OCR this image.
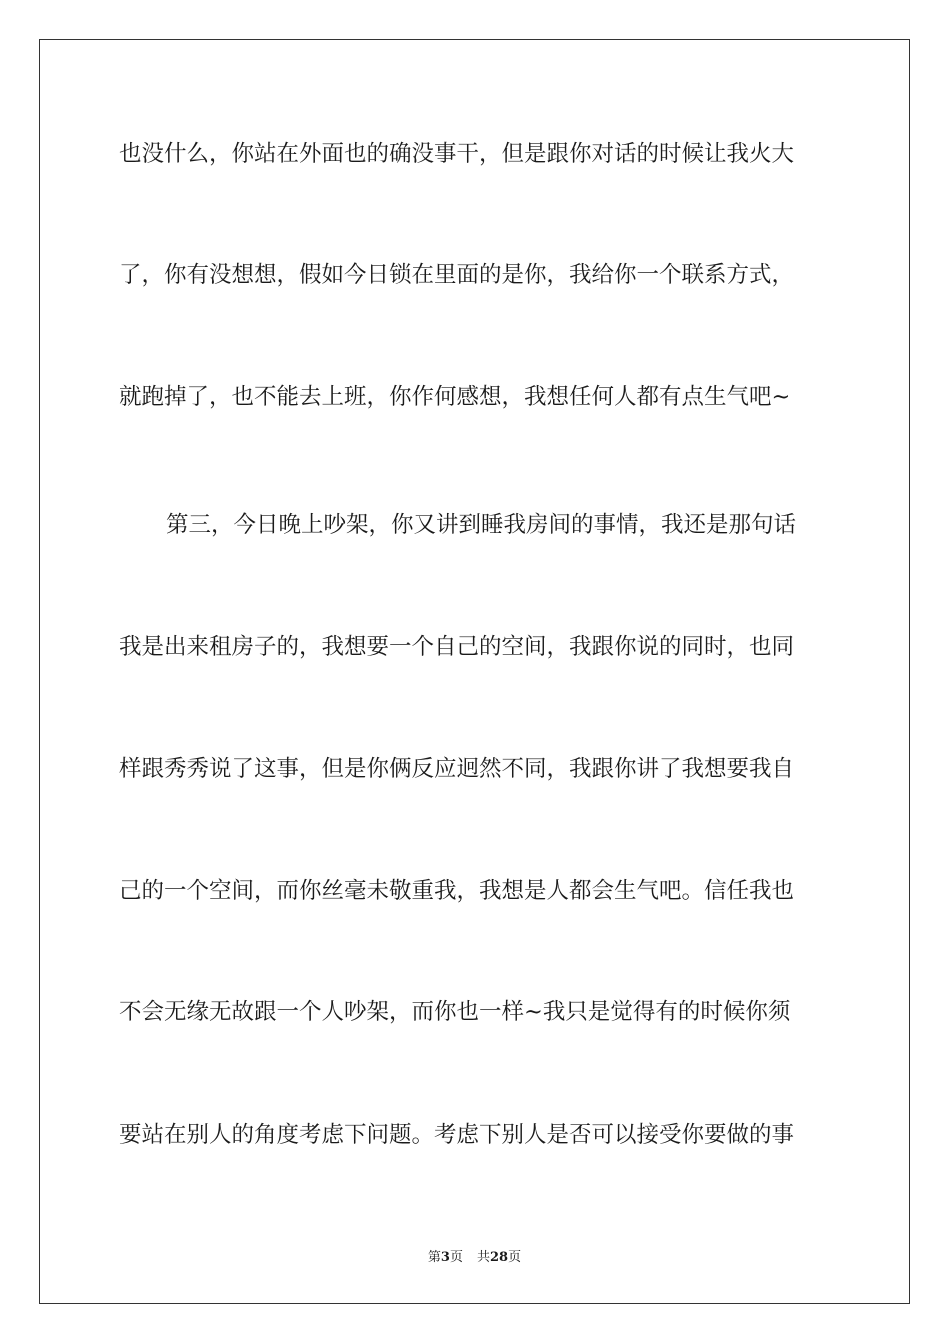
也没什么，你站在外面也的确没事干，但是跟你对话的时候让我火大
了，你有没想想，假如今日锁在里面的是你，我给你一个联系方式，
就跑掉了，也不能去上班，你作何感想，我想任何人都有点生气吧~
第三，今日晚上吵架，你又讲到睡我房间的事情，我还是那句话
我是出来租房子的，我想要一个自己的空间，我跟你说的同时，也同
样跟秀秀说了这事，但是你俩反应迥然不同，我跟你讲了我想要我自
己的一个空间，而你丝毫未敬重我，我想是人都会生气吧。信任我也
不会无缘无故跟一个人吵架，而你也一样~我只是觉得有的时候你须
要站在别人的角度考虑下问题。考虑下别人是否可以接受你要做的事
第3页 共28页
